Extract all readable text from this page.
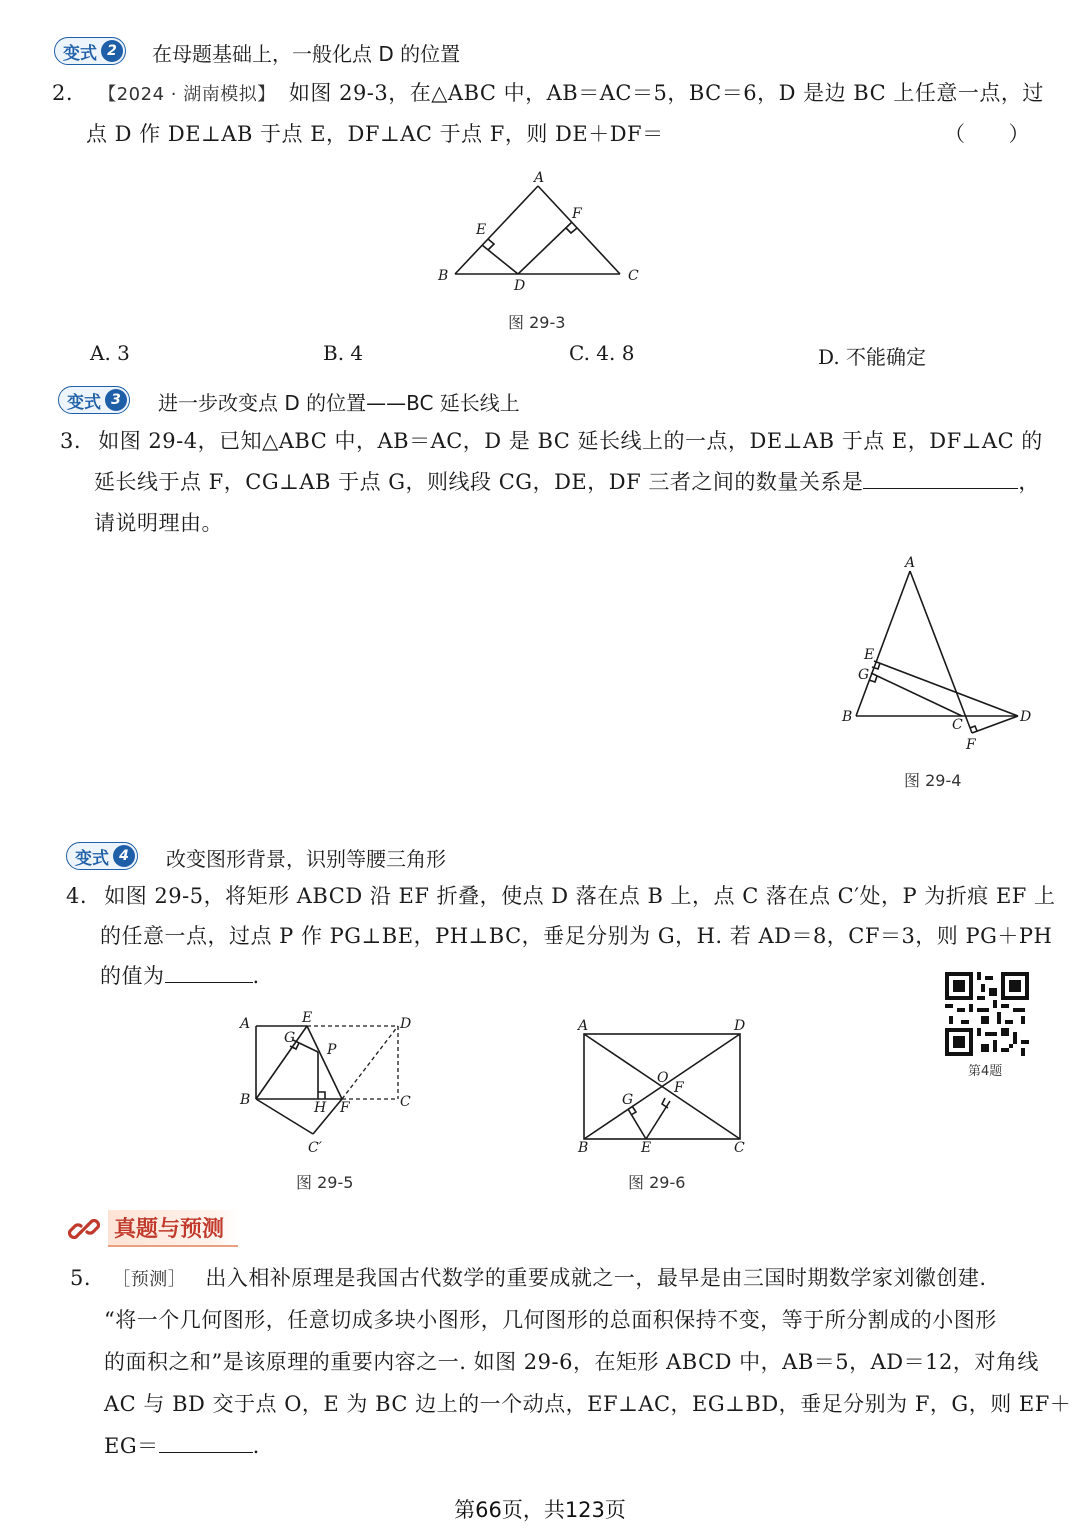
变式 2	在母题基础上，一般化点 D 的位置
2. 【2024 · 湖南模拟】 如图 29-3，在△ABC 中，AB＝AC＝5，BC＝6，D 是边 BC 上任意一点，过
点 D 作 DE⊥AB 于点 E，DF⊥AC 于点 F，则 DE＋DF＝	（　　）
A
B	C
D
E
F
图 29-3
A. 3	B. 4	C. 4. 8	D. 不能确定
变式 3	进一步改变点 D 的位置——BC 延长线上
3. 如图 29-4，已知△ABC 中，AB＝AC，D 是 BC 延长线上的一点，DE⊥AB 于点 E，DF⊥AC 的
延长线于点 F，CG⊥AB 于点 G，则线段 CG，DE，DF 三者之间的数量关系是	，
请说明理由。
A
B	C	D
E
F
G
图 29-4
变式 4	改变图形背景，识别等腰三角形
4. 如图 29-5，将矩形 ABCD 沿 EF 折叠，使点 D 落在点 B 上，点 C 落在点 C′处，P 为折痕 EF 上
的任意一点，过点 P 作 PG⊥BE，PH⊥BC，垂足分别为 G，H. 若 AD＝8，CF＝3，则 PG＋PH
的值为	.
第4题
A
B	C
D
E
F
G
H
P
C′
图 29-5
A
B	C
D
E
F
G
O
图 29-6
真题与预测
5. ［预测］ 出入相补原理是我国古代数学的重要成就之一，最早是由三国时期数学家刘徽创建.
“将一个几何图形，任意切成多块小图形，几何图形的总面积保持不变，等于所分割成的小图形
的面积之和”是该原理的重要内容之一. 如图 29-6，在矩形 ABCD 中，AB＝5，AD＝12，对角线
AC 与 BD 交于点 O，E 为 BC 边上的一个动点，EF⊥AC，EG⊥BD，垂足分别为 F，G，则 EF＋
EG＝	.
第66页，共123页
